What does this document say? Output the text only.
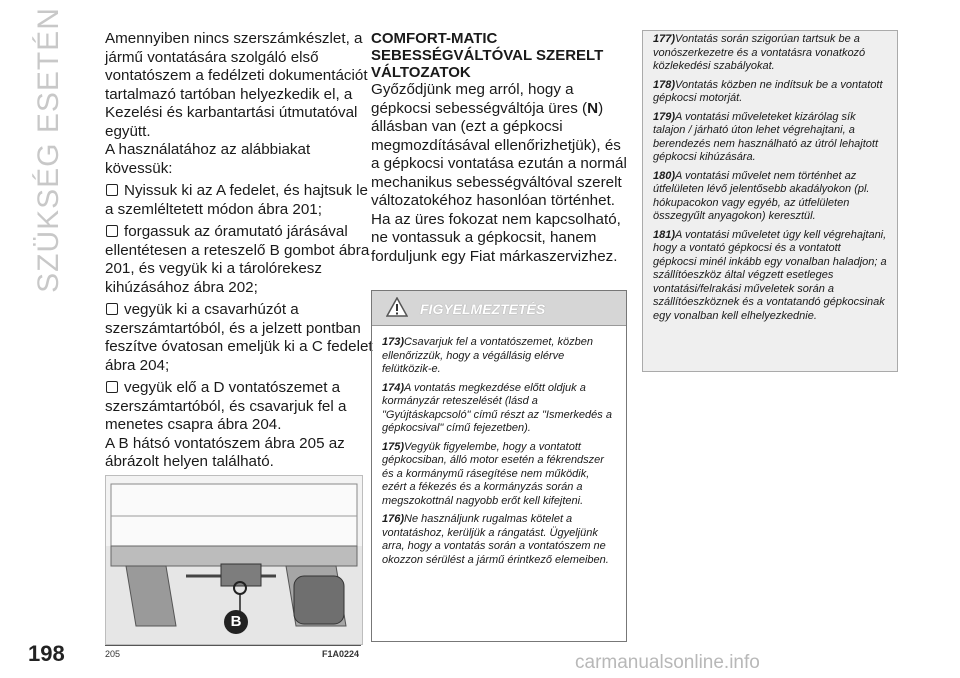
SZÜKSÉG ESETÉN
198

Amennyiben nincs szerszámkészlet, a jármű vontatására szolgáló első vontatószem a fedélzeti dokumentációt tartalmazó tartóban helyezkedik el, a Kezelési és karbantartási útmutatóval együtt.

A használatához az alábbiakat kövessük:

Nyissuk ki az A fedelet, és hajtsuk le a szemléltetett módon ábra 201;

forgassuk az óramutató járásával ellentétesen a reteszelő B gombot ábra 201, és vegyük ki a tárolórekesz kihúzásához ábra 202;

vegyük ki a csavarhúzót a szerszámtartóból, és a jelzett pontban feszítve óvatosan emeljük ki a C fedelet ábra 204;

vegyük elő a D vontatószemet a szerszámtartóból, és csavarjuk fel a menetes csapra ábra 204.

A B hátsó vontatószem ábra 205 az ábrázolt helyen található.

B
205	F1A0224
COMFORT-MATIC
SEBESSÉGVÁLTÓVAL SZERELT
VÁLTOZATOK

Győződjünk meg arról, hogy a gépkocsi sebességváltója üres (N) állásban van (ezt a gépkocsi megmozdításával ellenőrizhetjük), és a gépkocsi vontatása ezután a normál mechanikus sebességváltóval szerelt változatokéhoz hasonlóan történhet.

Ha az üres fokozat nem kapcsolható, ne vontassuk a gépkocsit, hanem forduljunk egy Fiat márkaszervizhez.

FIGYELMEZTETÉS

173)Csavarjuk fel a vontatószemet, közben ellenőrizzük, hogy a végállásig elérve felütközik-e.

174)A vontatás megkezdése előtt oldjuk a kormányzár reteszelését (lásd a "Gyújtáskapcsoló" című részt az "Ismerkedés a gépkocsival" című fejezetben).

175)Vegyük figyelembe, hogy a vontatott gépkocsiban, álló motor esetén a fékrendszer és a kormánymű rásegítése nem működik, ezért a fékezés és a kormányzás során a megszokottnál nagyobb erőt kell kifejteni.

176)Ne használjunk rugalmas kötelet a vontatáshoz, kerüljük a rángatást. Ügyeljünk arra, hogy a vontatás során a vontatószem ne okozzon sérülést a jármű érintkező elemeiben.

177)Vontatás során szigorúan tartsuk be a vonószerkezetre és a vontatásra vonatkozó közlekedési szabályokat.

178)Vontatás közben ne indítsuk be a vontatott gépkocsi motorját.

179)A vontatási műveleteket kizárólag sík talajon / járható úton lehet végrehajtani, a berendezés nem használható az útról lehajtott gépkocsi kihúzására.

180)A vontatási művelet nem történhet az útfelületen lévő jelentősebb akadályokon (pl. hókupacokon vagy egyéb, az útfelületen összegyűlt anyagokon) keresztül.

181)A vontatási műveletet úgy kell végrehajtani, hogy a vontató gépkocsi és a vontatott gépkocsi minél inkább egy vonalban haladjon; a szállítóeszköz által végzett esetleges vontatási/felrakási műveletek során a szállítóeszköznek és a vontatandó gépkocsinak egy vonalban kell elhelyezkednie.

carmanualsonline.info
